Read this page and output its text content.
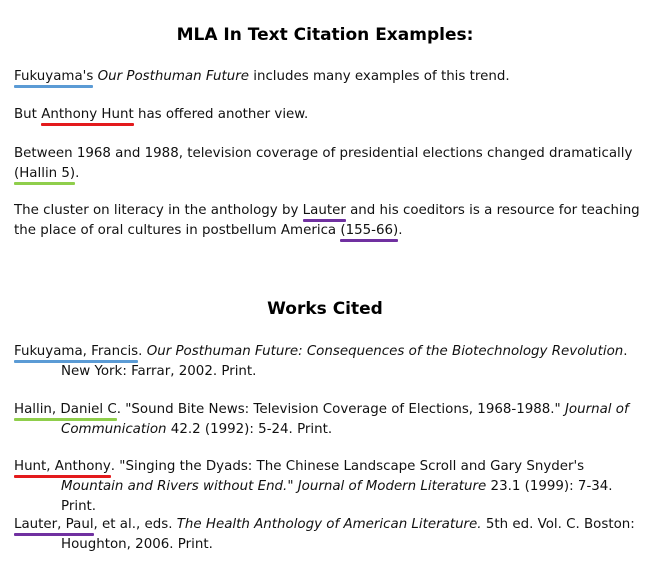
MLA In Text Citation Examples:

Fukuyama's Our Posthuman Future includes many examples of this trend.

But Anthony Hunt has offered another view.

Between 1968 and 1988, television coverage of presidential elections changed dramatically (Hallin 5).

The cluster on literacy in the anthology by Lauter and his coeditors is a resource for teaching the place of oral cultures in postbellum America (155-66).

Works Cited

Fukuyama, Francis. Our Posthuman Future: Consequences of the Biotechnology Revolution. New York: Farrar, 2002. Print.

Hallin, Daniel C. "Sound Bite News: Television Coverage of Elections, 1968-1988." Journal of Communication 42.2 (1992): 5-24. Print.

Hunt, Anthony. "Singing the Dyads: The Chinese Landscape Scroll and Gary Snyder's Mountain and Rivers without End." Journal of Modern Literature 23.1 (1999): 7-34. Print.

Lauter, Paul, et al., eds. The Health Anthology of American Literature. 5th ed. Vol. C. Boston: Houghton, 2006. Print.
